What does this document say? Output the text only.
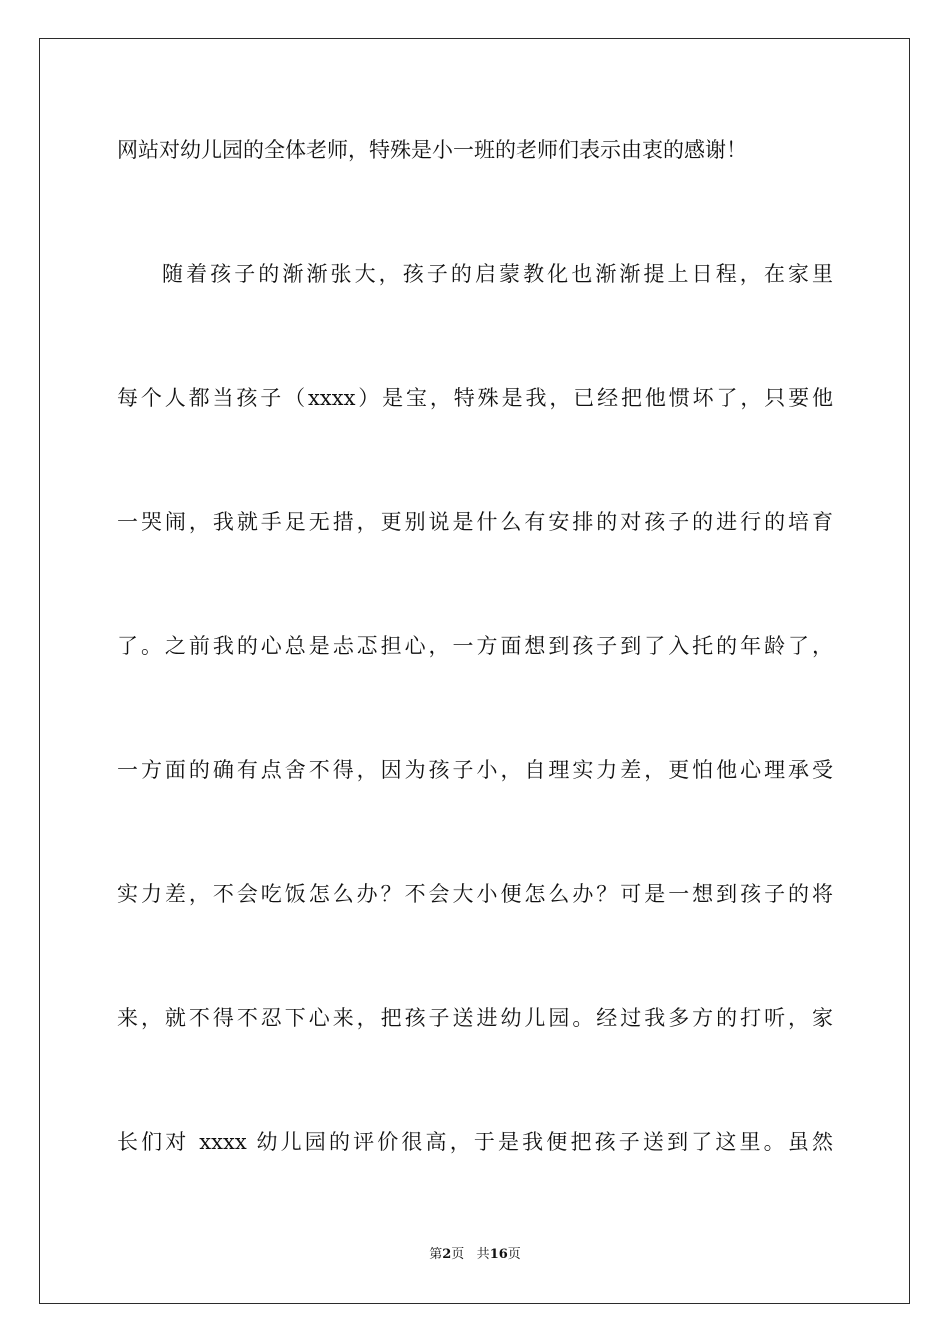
网站对幼儿园的全体老师，特殊是小一班的老师们表示由衷的感谢！
随着孩子的渐渐张大，孩子的启蒙教化也渐渐提上日程，在家里
每个人都当孩子（xxxx）是宝，特殊是我，已经把他惯坏了，只要他
一哭闹，我就手足无措，更别说是什么有安排的对孩子的进行的培育
了。之前我的心总是忐忑担心，一方面想到孩子到了入托的年龄了，
一方面的确有点舍不得，因为孩子小，自理实力差，更怕他心理承受
实力差，不会吃饭怎么办？不会大小便怎么办？可是一想到孩子的将
来，就不得不忍下心来，把孩子送进幼儿园。经过我多方的打听，家
长们对 xxxx 幼儿园的评价很高，于是我便把孩子送到了这里。虽然
第2页 共16页
